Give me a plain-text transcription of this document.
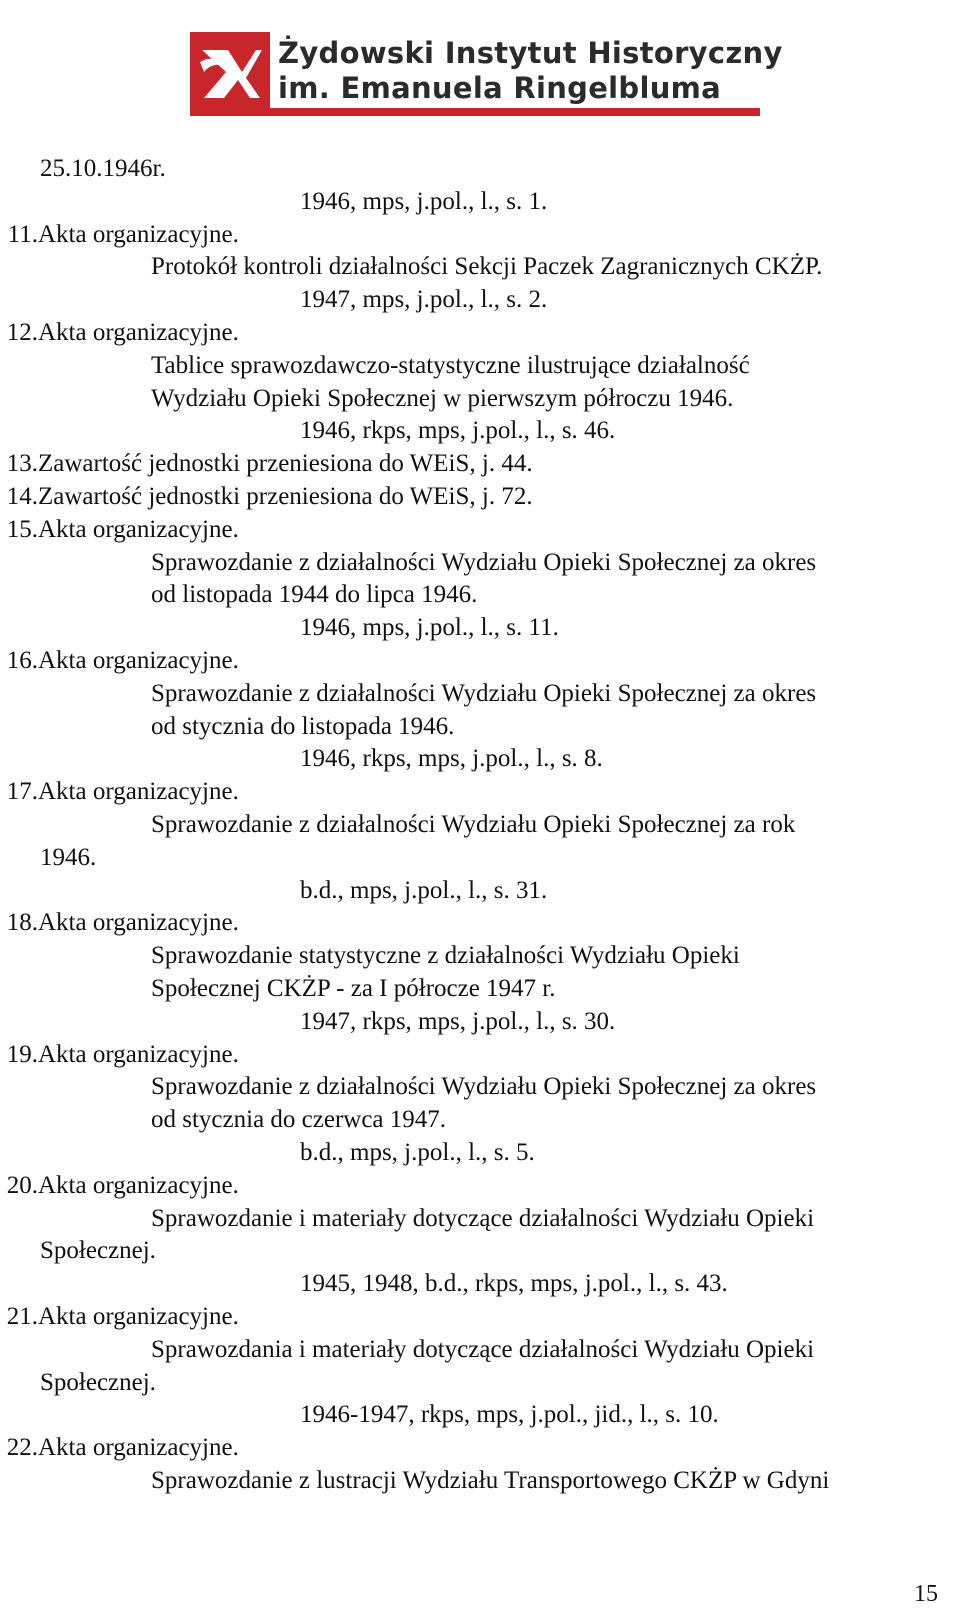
Żydowski Instytut Historyczny
im. Emanuela Ringelbluma
25.10.1946r.
1946, mps, j.pol., l., s. 1.
11. Akta organizacyjne.
Protokół kontroli działalności Sekcji Paczek Zagranicznych CKŻP.
1947, mps, j.pol., l., s. 2.
12. Akta organizacyjne.
Tablice sprawozdawczo-statystyczne ilustrujące działalność
Wydziału Opieki Społecznej w pierwszym półroczu 1946.
1946, rkps, mps, j.pol., l., s. 46.
13. Zawartość jednostki przeniesiona do WEiS, j. 44.
14. Zawartość jednostki przeniesiona do WEiS, j. 72.
15. Akta organizacyjne.
Sprawozdanie z działalności Wydziału Opieki Społecznej za okres
od listopada 1944 do lipca 1946.
1946, mps, j.pol., l., s. 11.
16. Akta organizacyjne.
Sprawozdanie z działalności Wydziału Opieki Społecznej za okres
od stycznia do listopada 1946.
1946, rkps, mps, j.pol., l., s. 8.
17. Akta organizacyjne.
Sprawozdanie z działalności Wydziału Opieki Społecznej za rok
1946.
b.d., mps, j.pol., l., s. 31.
18. Akta organizacyjne.
Sprawozdanie statystyczne z działalności Wydziału Opieki
Społecznej CKŻP - za I półrocze 1947 r.
1947, rkps, mps, j.pol., l., s. 30.
19. Akta organizacyjne.
Sprawozdanie z działalności Wydziału Opieki Społecznej za okres
od stycznia do czerwca 1947.
b.d., mps, j.pol., l., s. 5.
20. Akta organizacyjne.
Sprawozdanie i materiały dotyczące działalności Wydziału Opieki
Społecznej.
1945, 1948, b.d., rkps, mps, j.pol., l., s. 43.
21. Akta organizacyjne.
Sprawozdania i materiały dotyczące działalności Wydziału Opieki
Społecznej.
1946-1947, rkps, mps, j.pol., jid., l., s. 10.
22. Akta organizacyjne.
Sprawozdanie z lustracji Wydziału Transportowego CKŻP w Gdyni
15
